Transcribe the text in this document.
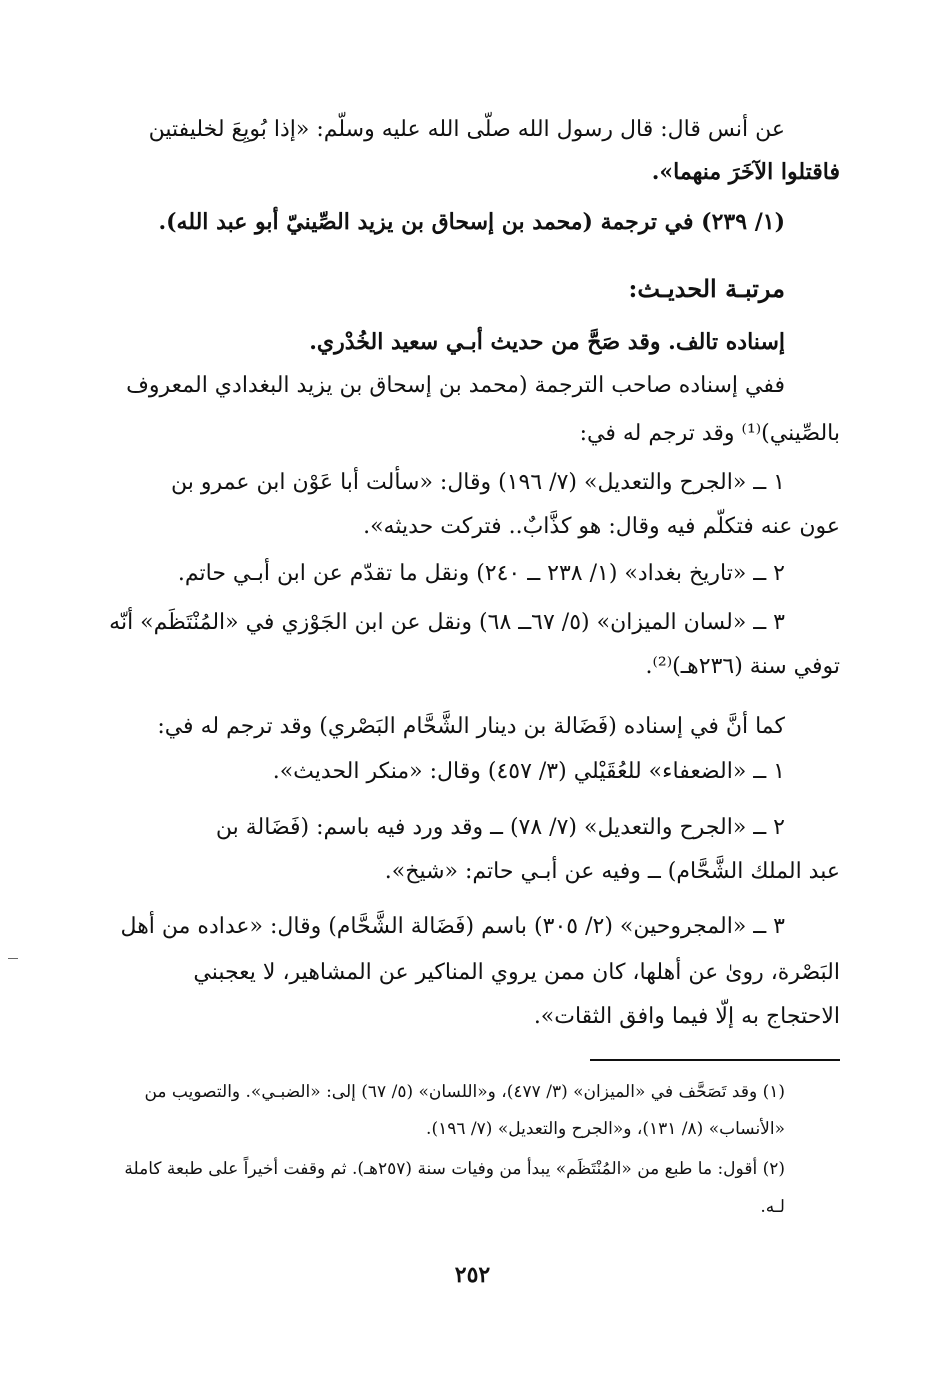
عن أنس قال: قال رسول الله صلّى الله عليه وسلّم: «إذا بُويِعَ لخليفتين
فاقتلوا الآخَرَ منهما».
(١/ ٢٣٩) في ترجمة (محمد بن إسحاق بن يزيد الصِّينيّ أبو عبد الله).
مرتبـة الحديـث:
إسناده تالف. وقد صَحَّ من حديث أبـي سعيد الخُدْري.
ففي إسناده صاحب الترجمة (محمد بن إسحاق بن يزيد البغدادي المعروف
بالصِّيني)⁽¹⁾ وقد ترجم له في:
١ ــ «الجرح والتعديل» (٧/ ١٩٦) وقال: «سألت أبا عَوْن ابن عمرو بن
عون عنه فتكلّم فيه وقال: هو كذَّابٌ.. فتركت حديثه».
٢ ــ «تاريخ بغداد» (١/ ٢٣٨ ــ ٢٤٠) ونقل ما تقدّم عن ابن أبـي حاتم.
٣ ــ «لسان الميزان» (٥/ ٦٧ــ ٦٨) ونقل عن ابن الجَوْزي في «المُنْتَظَم» أنّه
توفي سنة (٢٣٦هـ)⁽²⁾.
كما أنَّ في إسناده (فَضَالة بن دينار الشَّحَّام البَصْري) وقد ترجم له في:
١ ــ «الضعفاء» للعُقَيْلي (٣/ ٤٥٧) وقال: «منكر الحديث».
٢ ــ «الجرح والتعديل» (٧/ ٧٨) ــ وقد ورد فيه باسم: (فَضَالة بن
عبد الملك الشَّحَّام) ــ وفيه عن أبـي حاتم: «شيخ».
٣ ــ «المجروحين» (٢/ ٣٠٥) باسم (فَضَالة الشَّحَّام) وقال: «عداده من أهل
البَصْرة، روىٰ عن أهلها، كان ممن يروي المناكير عن المشاهير، لا يعجبني
الاحتجاج به إلّا فيما وافق الثقات».
(١) وقد تَصَحَّف في «الميزان» (٣/ ٤٧٧)، و«اللسان» (٥/ ٦٧) إلى: «الضبـي». والتصويب من
«الأنساب» (٨/ ١٣١)، و«الجرح والتعديل» (٧/ ١٩٦).
(٢) أقول: ما طبع من «المُنْتَظَم» يبدأ من وفيات سنة (٢٥٧هـ). ثم وقفت أخيراً على طبعة كاملة
لـه.
٢٥٢
